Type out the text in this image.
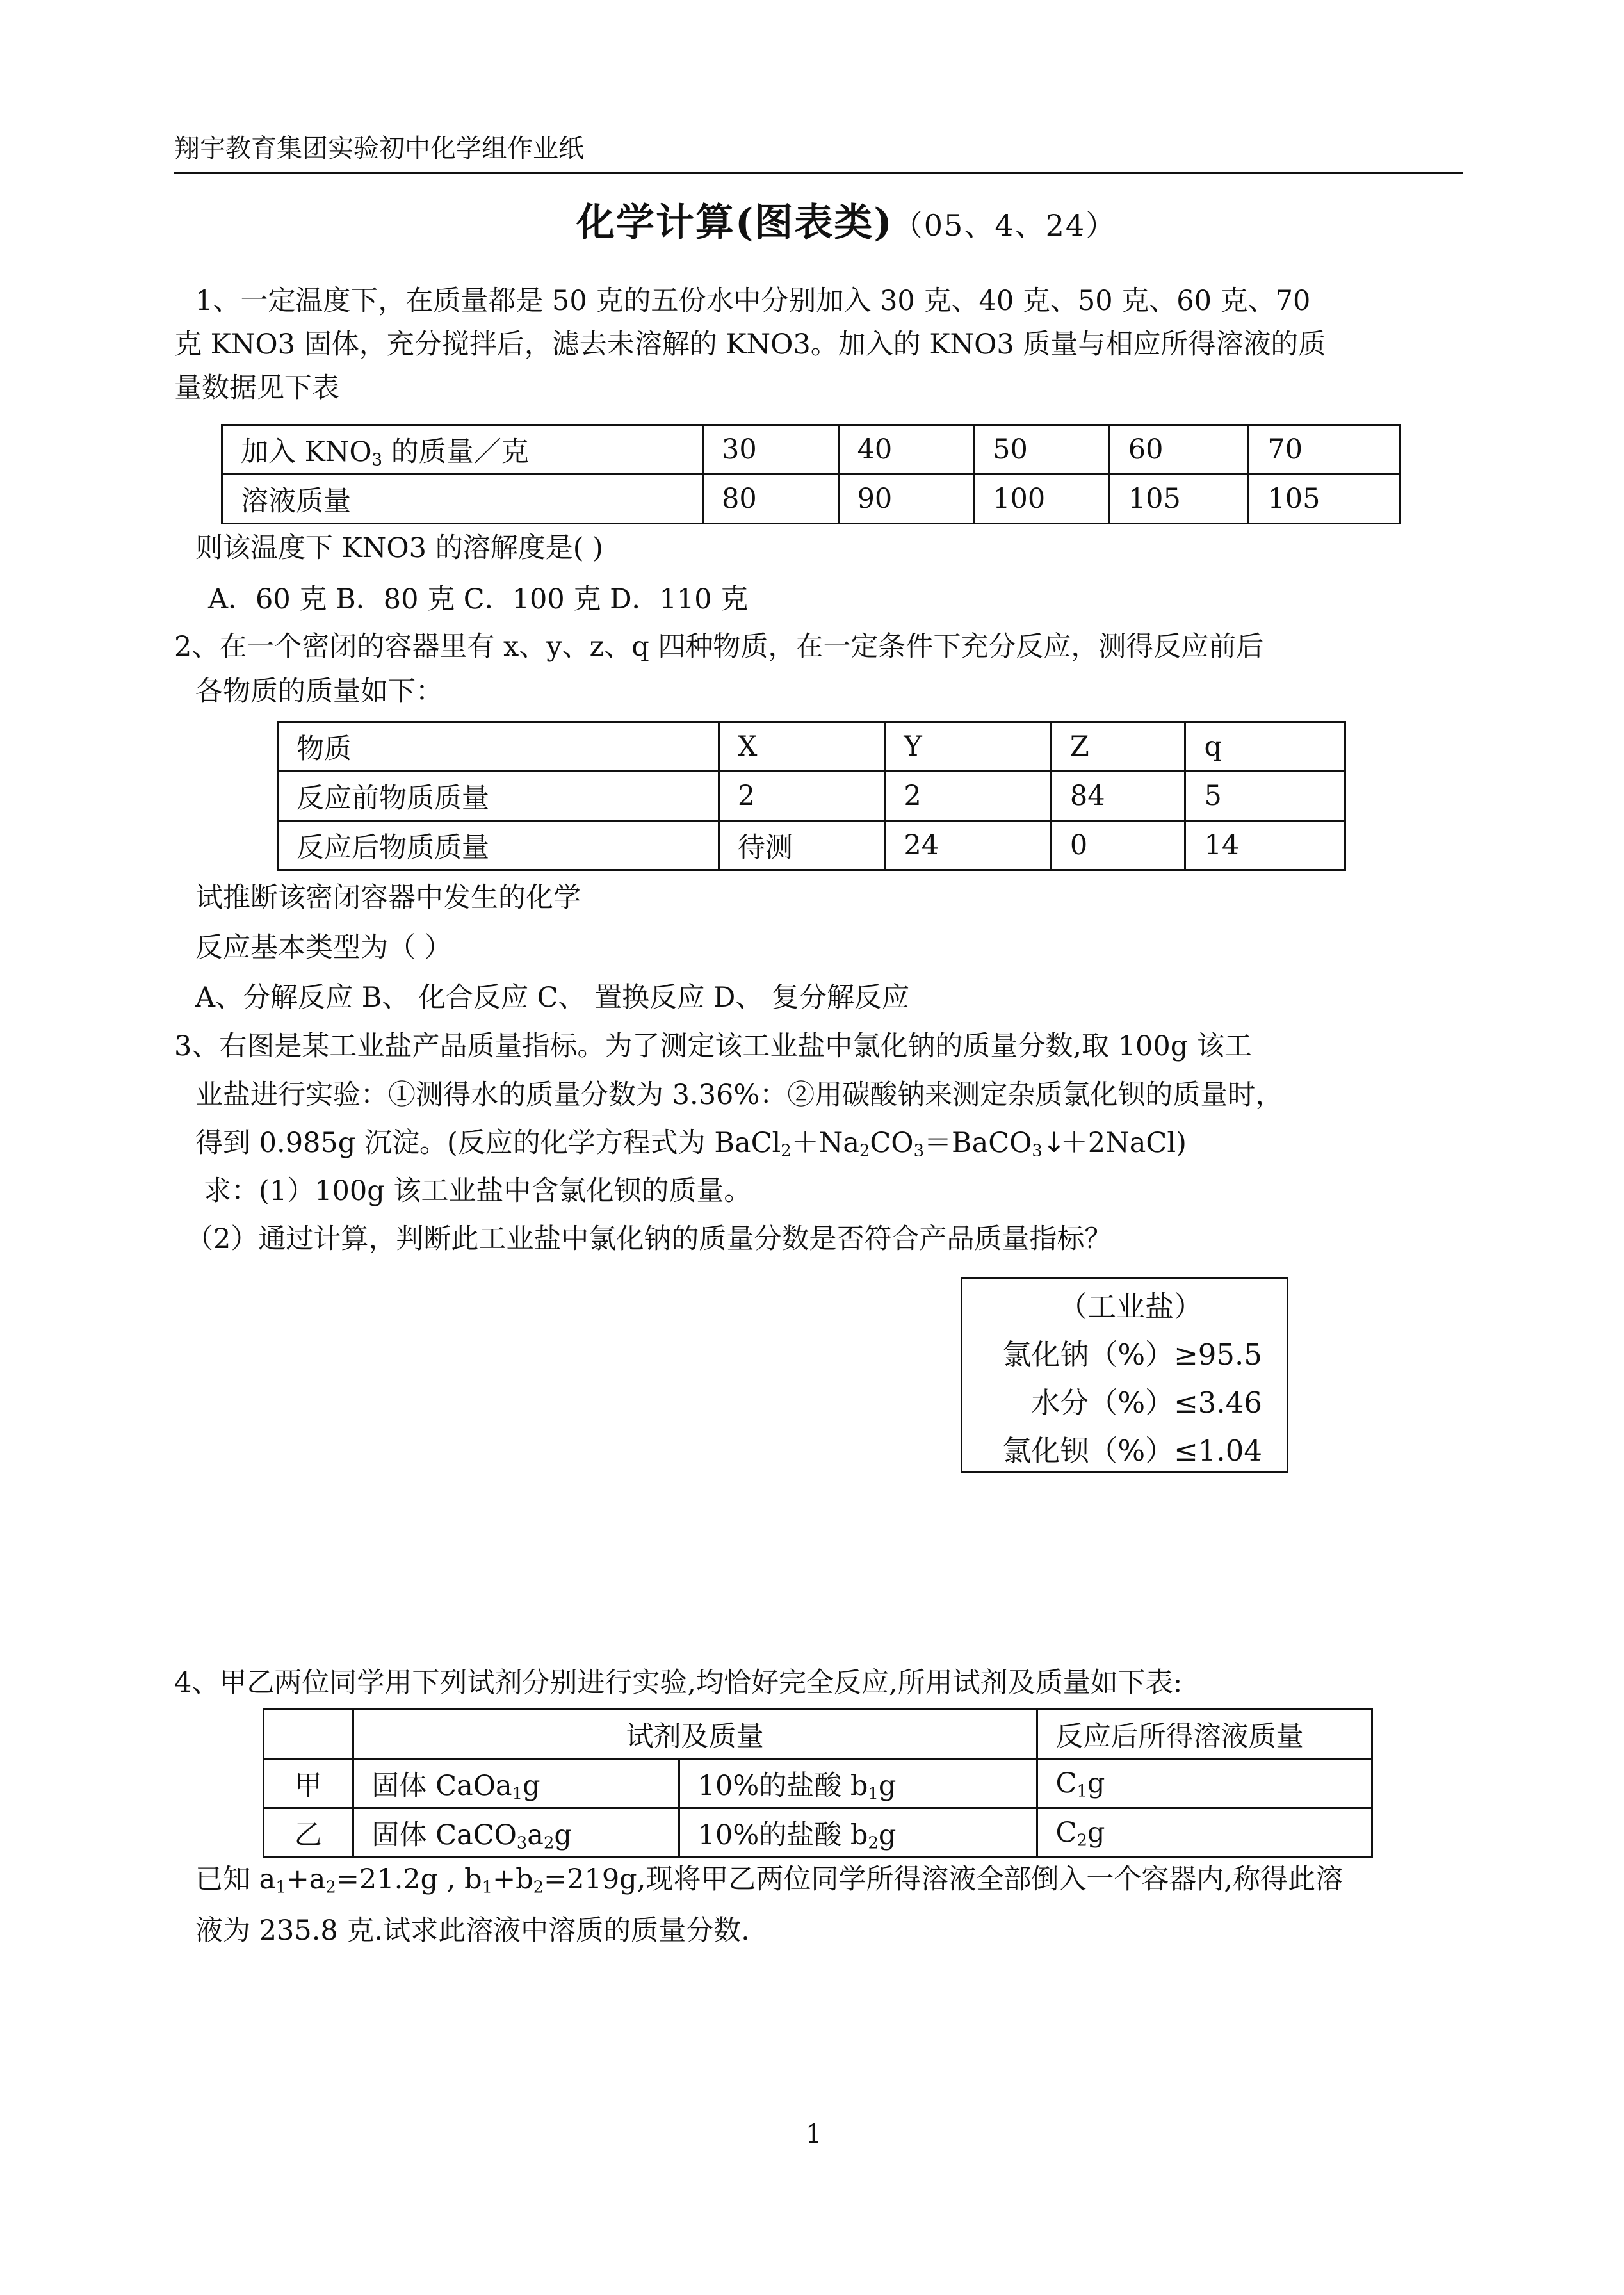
翔宇教育集团实验初中化学组作业纸
化学计算(图表类)（05、4、24）
1、一定温度下，在质量都是 50 克的五份水中分别加入 30 克、40 克、50 克、60 克、70
克 KNO3 固体，充分搅拌后，滤去未溶解的 KNO3。加入的 KNO3 质量与相应所得溶液的质
量数据见下表
加入 $KNO_3$ 的质量／克	30	40	50	60	70
溶液质量	80	90	100	105	105
则该温度下 KNO3 的溶解度是( )
A．60 克 B．80 克 C．100 克 D．110 克
2、在一个密闭的容器里有 x、y、z、q 四种物质，在一定条件下充分反应，测得反应前后
各物质的质量如下：
物质	X	Y	Z	q
反应前物质质量	2	2	84	5
反应后物质质量	待测	24	0	14
试推断该密闭容器中发生的化学
反应基本类型为（ ）
A、分解反应 B、 化合反应 C、 置换反应 D、 复分解反应
3、右图是某工业盐产品质量指标。为了测定该工业盐中氯化钠的质量分数,取 100g 该工
业盐进行实验：①测得水的质量分数为 3.36%：②用碳酸钠来测定杂质氯化钡的质量时，
得到 0.985g 沉淀。(反应的化学方程式为 $BaCl_2+Na_2CO_3=BaCO_3↓+2NaCl$)
求：(1）100g 该工业盐中含氯化钡的质量。
（2）通过计算，判断此工业盐中氯化钠的质量分数是否符合产品质量指标？
（工业盐）
氯化钠（%）≥95.5
水分（%）≤3.46
氯化钡（%）≤1.04
4、甲乙两位同学用下列试剂分别进行实验,均恰好完全反应,所用试剂及质量如下表:
	试剂及质量		反应后所得溶液质量
甲	固体 CaOa$_1$g	10%的盐酸 $b_1g$	$C_1g$
乙	固体 $CaCO_3a_2g$	10%的盐酸 $b_2g$	$C_2g$
已知 $a_1+a_2=21.2g$ , $b_1+b_2=219g$,现将甲乙两位同学所得溶液全部倒入一个容器内,称得此溶
液为 235.8 克.试求此溶液中溶质的质量分数.
1
